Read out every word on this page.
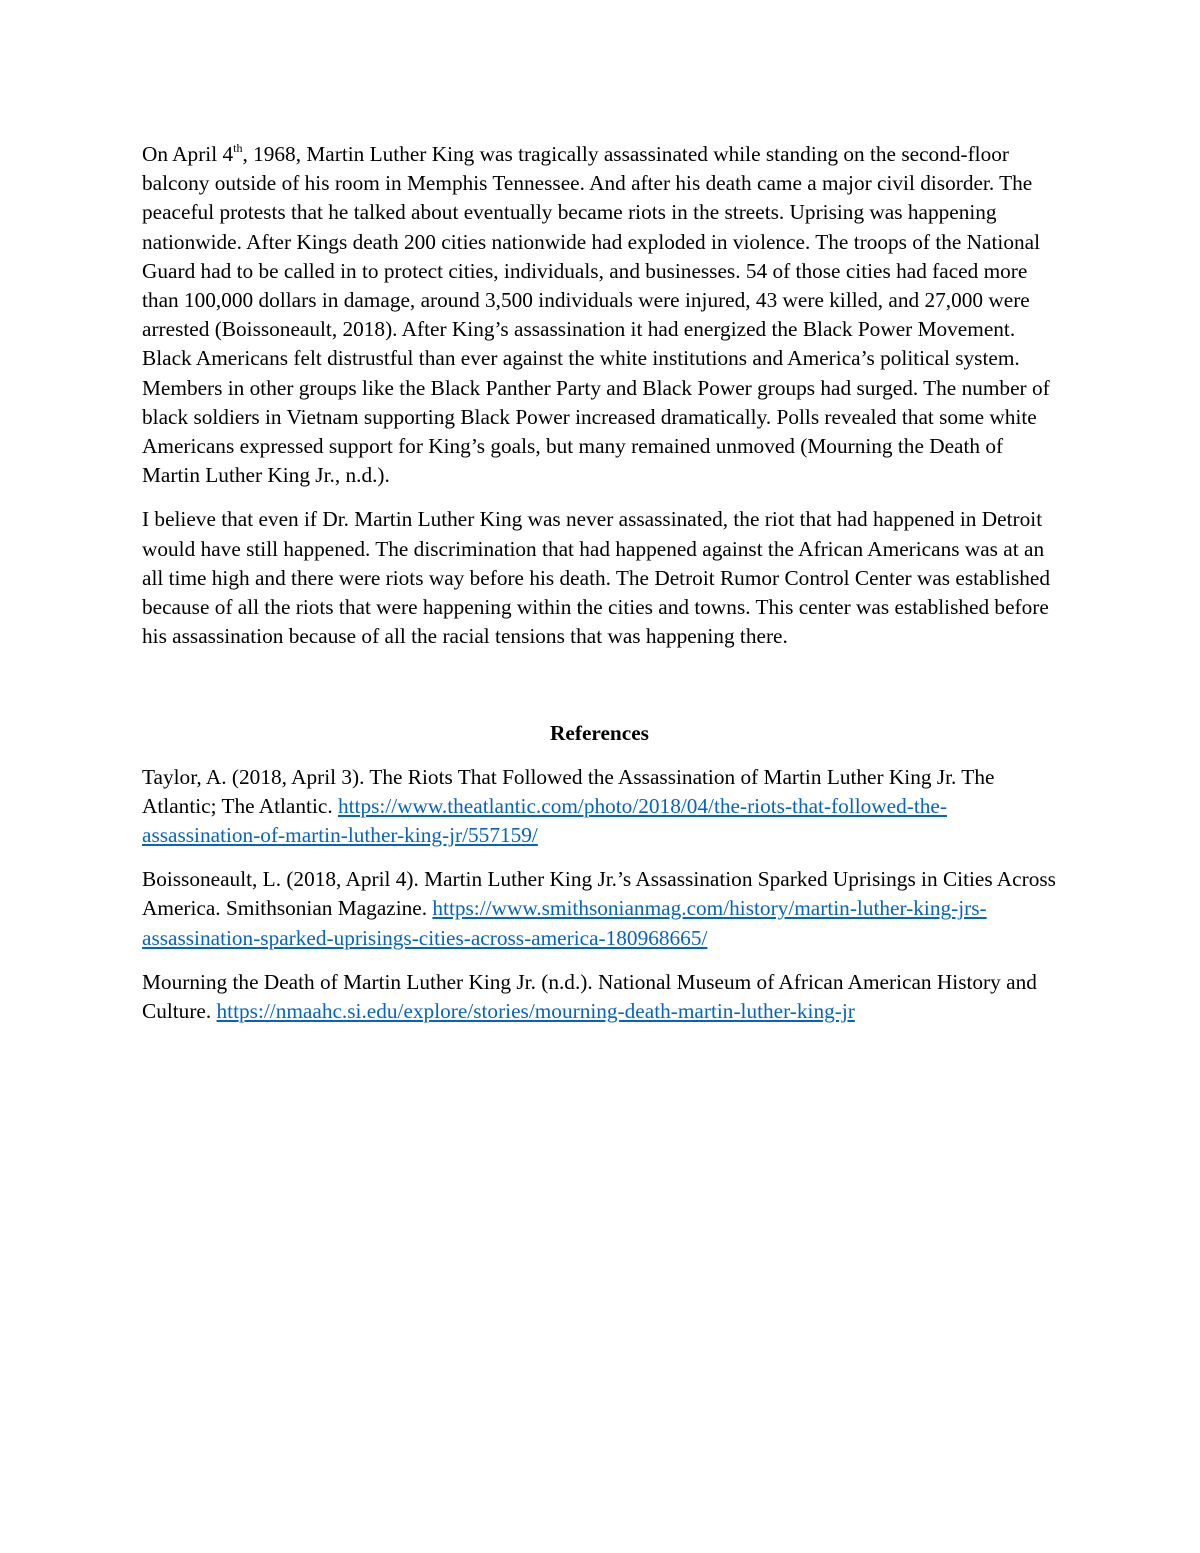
On April 4th, 1968, Martin Luther King was tragically assassinated while standing on the second-floor balcony outside of his room in Memphis Tennessee. And after his death came a major civil disorder. The peaceful protests that he talked about eventually became riots in the streets. Uprising was happening nationwide. After Kings death 200 cities nationwide had exploded in violence. The troops of the National Guard had to be called in to protect cities, individuals, and businesses. 54 of those cities had faced more than 100,000 dollars in damage, around 3,500 individuals were injured, 43 were killed, and 27,000 were arrested (Boissoneault, 2018). After King’s assassination it had energized the Black Power Movement. Black Americans felt distrustful than ever against the white institutions and America’s political system. Members in other groups like the Black Panther Party and Black Power groups had surged. The number of black soldiers in Vietnam supporting Black Power increased dramatically. Polls revealed that some white Americans expressed support for King’s goals, but many remained unmoved (Mourning the Death of Martin Luther King Jr., n.d.).

I believe that even if Dr. Martin Luther King was never assassinated, the riot that had happened in Detroit would have still happened. The discrimination that had happened against the African Americans was at an all time high and there were riots way before his death. The Detroit Rumor Control Center was established because of all the riots that were happening within the cities and towns. This center was established before his assassination because of all the racial tensions that was happening there.

References

Taylor, A. (2018, April 3). The Riots That Followed the Assassination of Martin Luther King Jr. The Atlantic; The Atlantic. https://www.theatlantic.com/photo/2018/04/the-riots-that-followed-the-assassination-of-martin-luther-king-jr/557159/

Boissoneault, L. (2018, April 4). Martin Luther King Jr.’s Assassination Sparked Uprisings in Cities Across America. Smithsonian Magazine. https://www.smithsonianmag.com/history/martin-luther-king-jrs-assassination-sparked-uprisings-cities-across-america-180968665/

Mourning the Death of Martin Luther King Jr. (n.d.). National Museum of African American History and Culture. https://nmaahc.si.edu/explore/stories/mourning-death-martin-luther-king-jr
